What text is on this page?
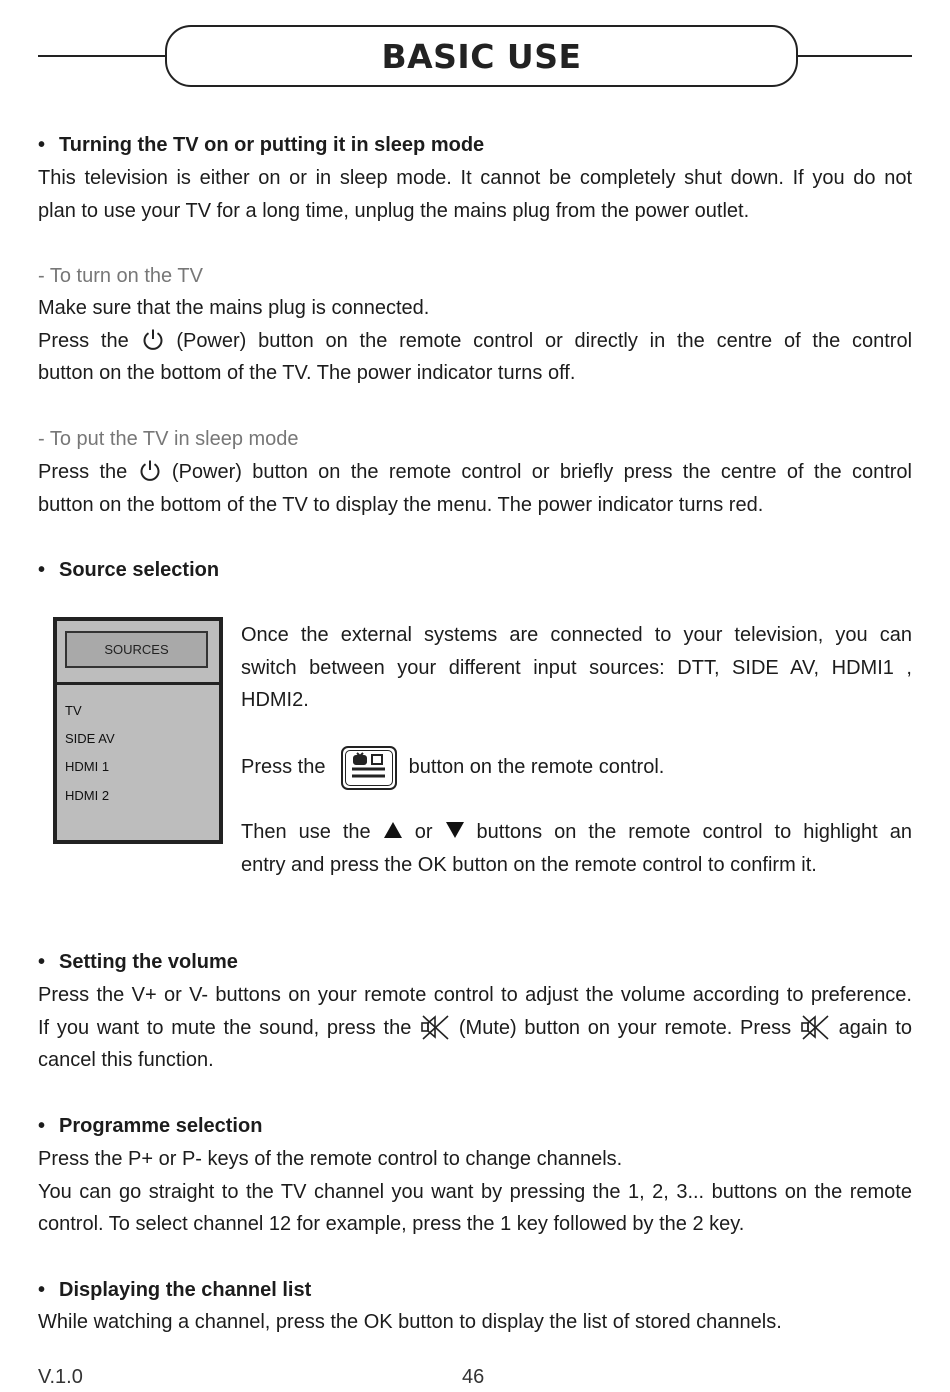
BASIC USE
• Turning the TV on or putting it in sleep mode
This television is either on or in sleep mode. It cannot be completely shut down. If you do not
plan to use your TV for a long time, unplug the mains plug from the power outlet.
- To turn on the TV
Make sure that the mains plug is connected.
Press the (Power) button on the remote control or directly in the centre of the control
button on the bottom of the TV. The power indicator turns off.
- To put the TV in sleep mode
Press the (Power) button on the remote control or briefly press the centre of the control
button on the bottom of the TV to display the menu. The power indicator turns red.
• Source selection
SOURCES
TV
SIDE AV
HDMI 1
HDMI 2
Once the external systems are connected to your television, you can
switch between your different input sources: DTT, SIDE AV, HDMI1 ,
HDMI2.
Press the	button on the remote control.
Then use the or buttons on the remote control to highlight an
entry and press the OK button on the remote control to confirm it.
• Setting the volume
Press the V+ or V- buttons on your remote control to adjust the volume according to preference.
If you want to mute the sound, press the (Mute) button on your remote. Press again to
cancel this function.
• Programme selection
Press the P+ or P- keys of the remote control to change channels.
You can go straight to the TV channel you want by pressing the 1, 2, 3... buttons on the remote
control. To select channel 12 for example, press the 1 key followed by the 2 key.
• Displaying the channel list
While watching a channel, press the OK button to display the list of stored channels.
V.1.0	46
